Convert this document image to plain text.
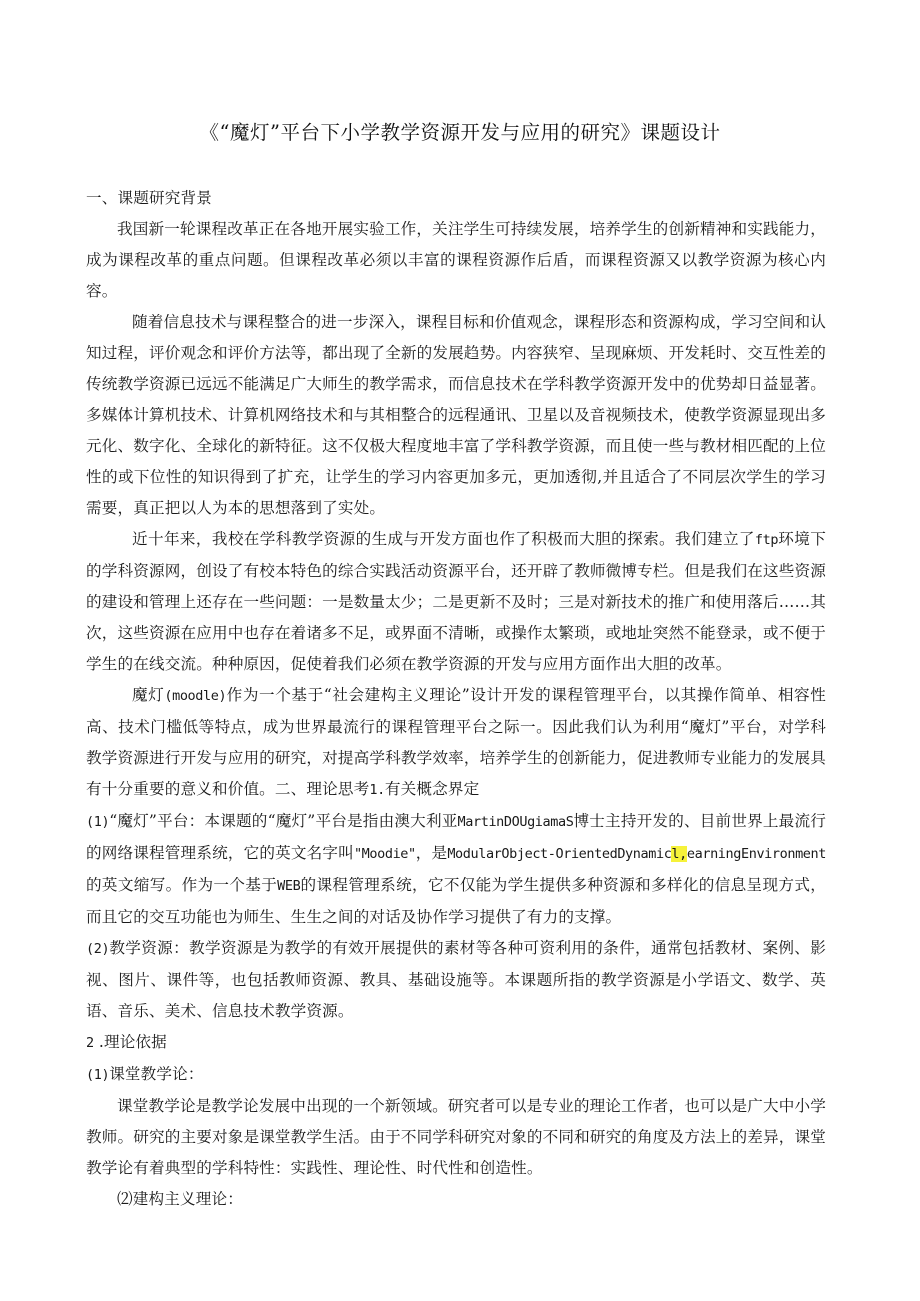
《“魔灯”平台下小学教学资源开发与应用的研究》课题设计

一、课题研究背景

我国新一轮课程改革正在各地开展实验工作，关注学生可持续发展，培养学生的创新精神和实践能力，成为课程改革的重点问题。但课程改革必须以丰富的课程资源作后盾，而课程资源又以教学资源为核心内容。

随着信息技术与课程整合的进一步深入，课程目标和价值观念，课程形态和资源构成，学习空间和认知过程，评价观念和评价方法等，都出现了全新的发展趋势。内容狭窄、呈现麻烦、开发耗时、交互性差的传统教学资源已远远不能满足广大师生的教学需求，而信息技术在学科教学资源开发中的优势却日益显著。多媒体计算机技术、计算机网络技术和与其相整合的远程通讯、卫星以及音视频技术，使教学资源显现出多元化、数字化、全球化的新特征。这不仅极大程度地丰富了学科教学资源，而且使一些与教材相匹配的上位性的或下位性的知识得到了扩充，让学生的学习内容更加多元，更加透彻,并且适合了不同层次学生的学习需要，真正把以人为本的思想落到了实处。

近十年来，我校在学科教学资源的生成与开发方面也作了积极而大胆的探索。我们建立了ftp环境下的学科资源网，创设了有校本特色的综合实践活动资源平台，还开辟了教师微博专栏。但是我们在这些资源的建设和管理上还存在一些问题：一是数量太少；二是更新不及时；三是对新技术的推广和使用落后……其次，这些资源在应用中也存在着诸多不足，或界面不清晰，或操作太繁琐，或地址突然不能登录，或不便于学生的在线交流。种种原因，促使着我们必须在教学资源的开发与应用方面作出大胆的改革。

魔灯(moodle)作为一个基于“社会建构主义理论”设计开发的课程管理平台，以其操作简单、相容性高、技术门槛低等特点，成为世界最流行的课程管理平台之际一。因此我们认为利用“魔灯”平台，对学科教学资源进行开发与应用的研究，对提高学科教学效率，培养学生的创新能力，促进教师专业能力的发展具有十分重要的意义和价值。二、理论思考1.有关概念界定

(1)“魔灯”平台：本课题的“魔灯”平台是指由澳大利亚MartinDOUgiamaS博士主持开发的、目前世界上最流行的网络课程管理系统，它的英文名字叫"Moodie"，是ModularObject-OrientedDynamicl,earningEnvironment的英文缩写。作为一个基于WEB的课程管理系统，它不仅能为学生提供多种资源和多样化的信息呈现方式，而且它的交互功能也为师生、生生之间的对话及协作学习提供了有力的支撑。

(2)教学资源：教学资源是为教学的有效开展提供的素材等各种可资利用的条件，通常包括教材、案例、影视、图片、课件等，也包括教师资源、教具、基础设施等。本课题所指的教学资源是小学语文、数学、英语、音乐、美术、信息技术教学资源。

2 .理论依据

(1)课堂教学论：

课堂教学论是教学论发展中出现的一个新领域。研究者可以是专业的理论工作者，也可以是广大中小学教师。研究的主要对象是课堂教学生活。由于不同学科研究对象的不同和研究的角度及方法上的差异，课堂教学论有着典型的学科特性：实践性、理论性、时代性和创造性。

⑵建构主义理论：
